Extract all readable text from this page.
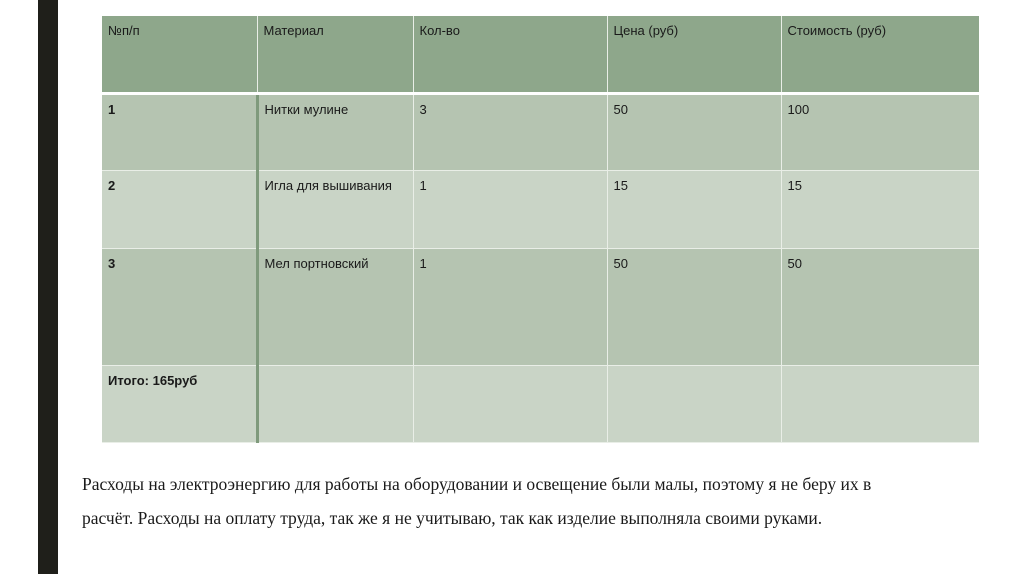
№п/п	Материал	Кол-во	Цена (руб)	Стоимость (руб)
1	Нитки мулине	3	50	100
2	Игла для вышивания	1	15	15
3	Мел портновский	1	50	50
Итого: 165руб				

Расходы на электроэнергию для работы на оборудовании и освещение были малы, поэтому я не беру их в
расчёт. Расходы на оплату труда, так же я не учитываю, так как изделие выполняла своими руками.
